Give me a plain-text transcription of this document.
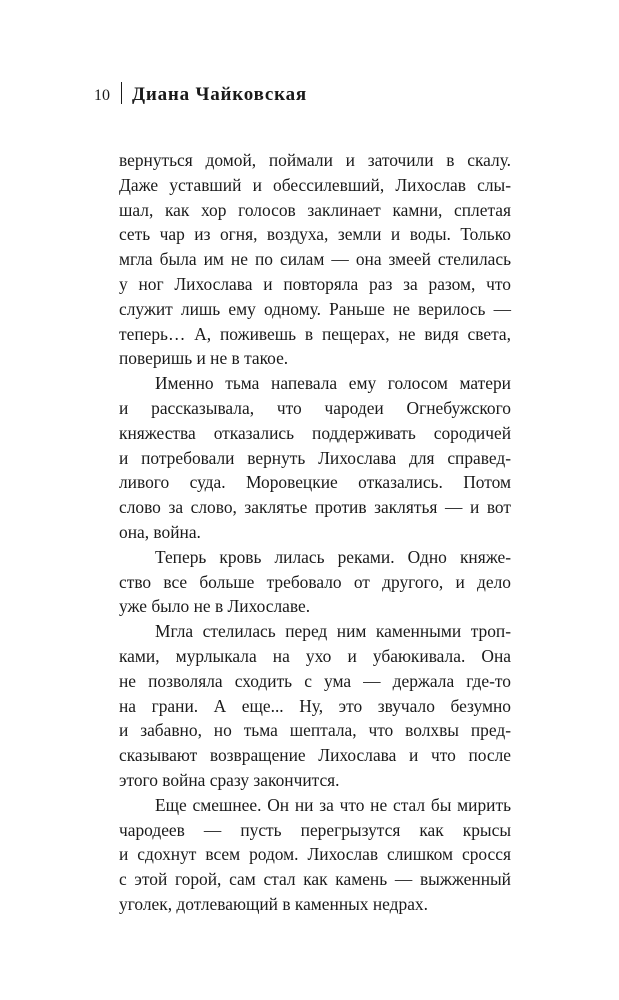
10 Диана Чайковская
вернуться домой, поймали и заточили в скалу.
Даже уставший и обессилевший, Лихослав слы-
шал, как хор голосов заклинает камни, сплетая
сеть чар из огня, воздуха, земли и воды. Только
мгла была им не по силам — она змеей стелилась
у ног Лихослава и повторяла раз за разом, что
служит лишь ему одному. Раньше не верилось —
теперь… А, поживешь в пещерах, не видя света,
поверишь и не в такое.
Именно тьма напевала ему голосом матери
и рассказывала, что чародеи Огнебужского
княжества отказались поддерживать сородичей
и потребовали вернуть Лихослава для справед-
ливого суда. Моровецкие отказались. Потом
слово за слово, заклятье против заклятья — и вот
она, война.
Теперь кровь лилась реками. Одно княже-
ство все больше требовало от другого, и дело
уже было не в Лихославе.
Мгла стелилась перед ним каменными троп-
ками, мурлыкала на ухо и убаюкивала. Она
не позволяла сходить с ума — держала где-то
на грани. А еще... Ну, это звучало безумно
и забавно, но тьма шептала, что волхвы пред-
сказывают возвращение Лихослава и что после
этого война сразу закончится.
Еще смешнее. Он ни за что не стал бы мирить
чародеев — пусть перегрызутся как крысы
и сдохнут всем родом. Лихослав слишком сросся
с этой горой, сам стал как камень — выжженный
уголек, дотлевающий в каменных недрах.
